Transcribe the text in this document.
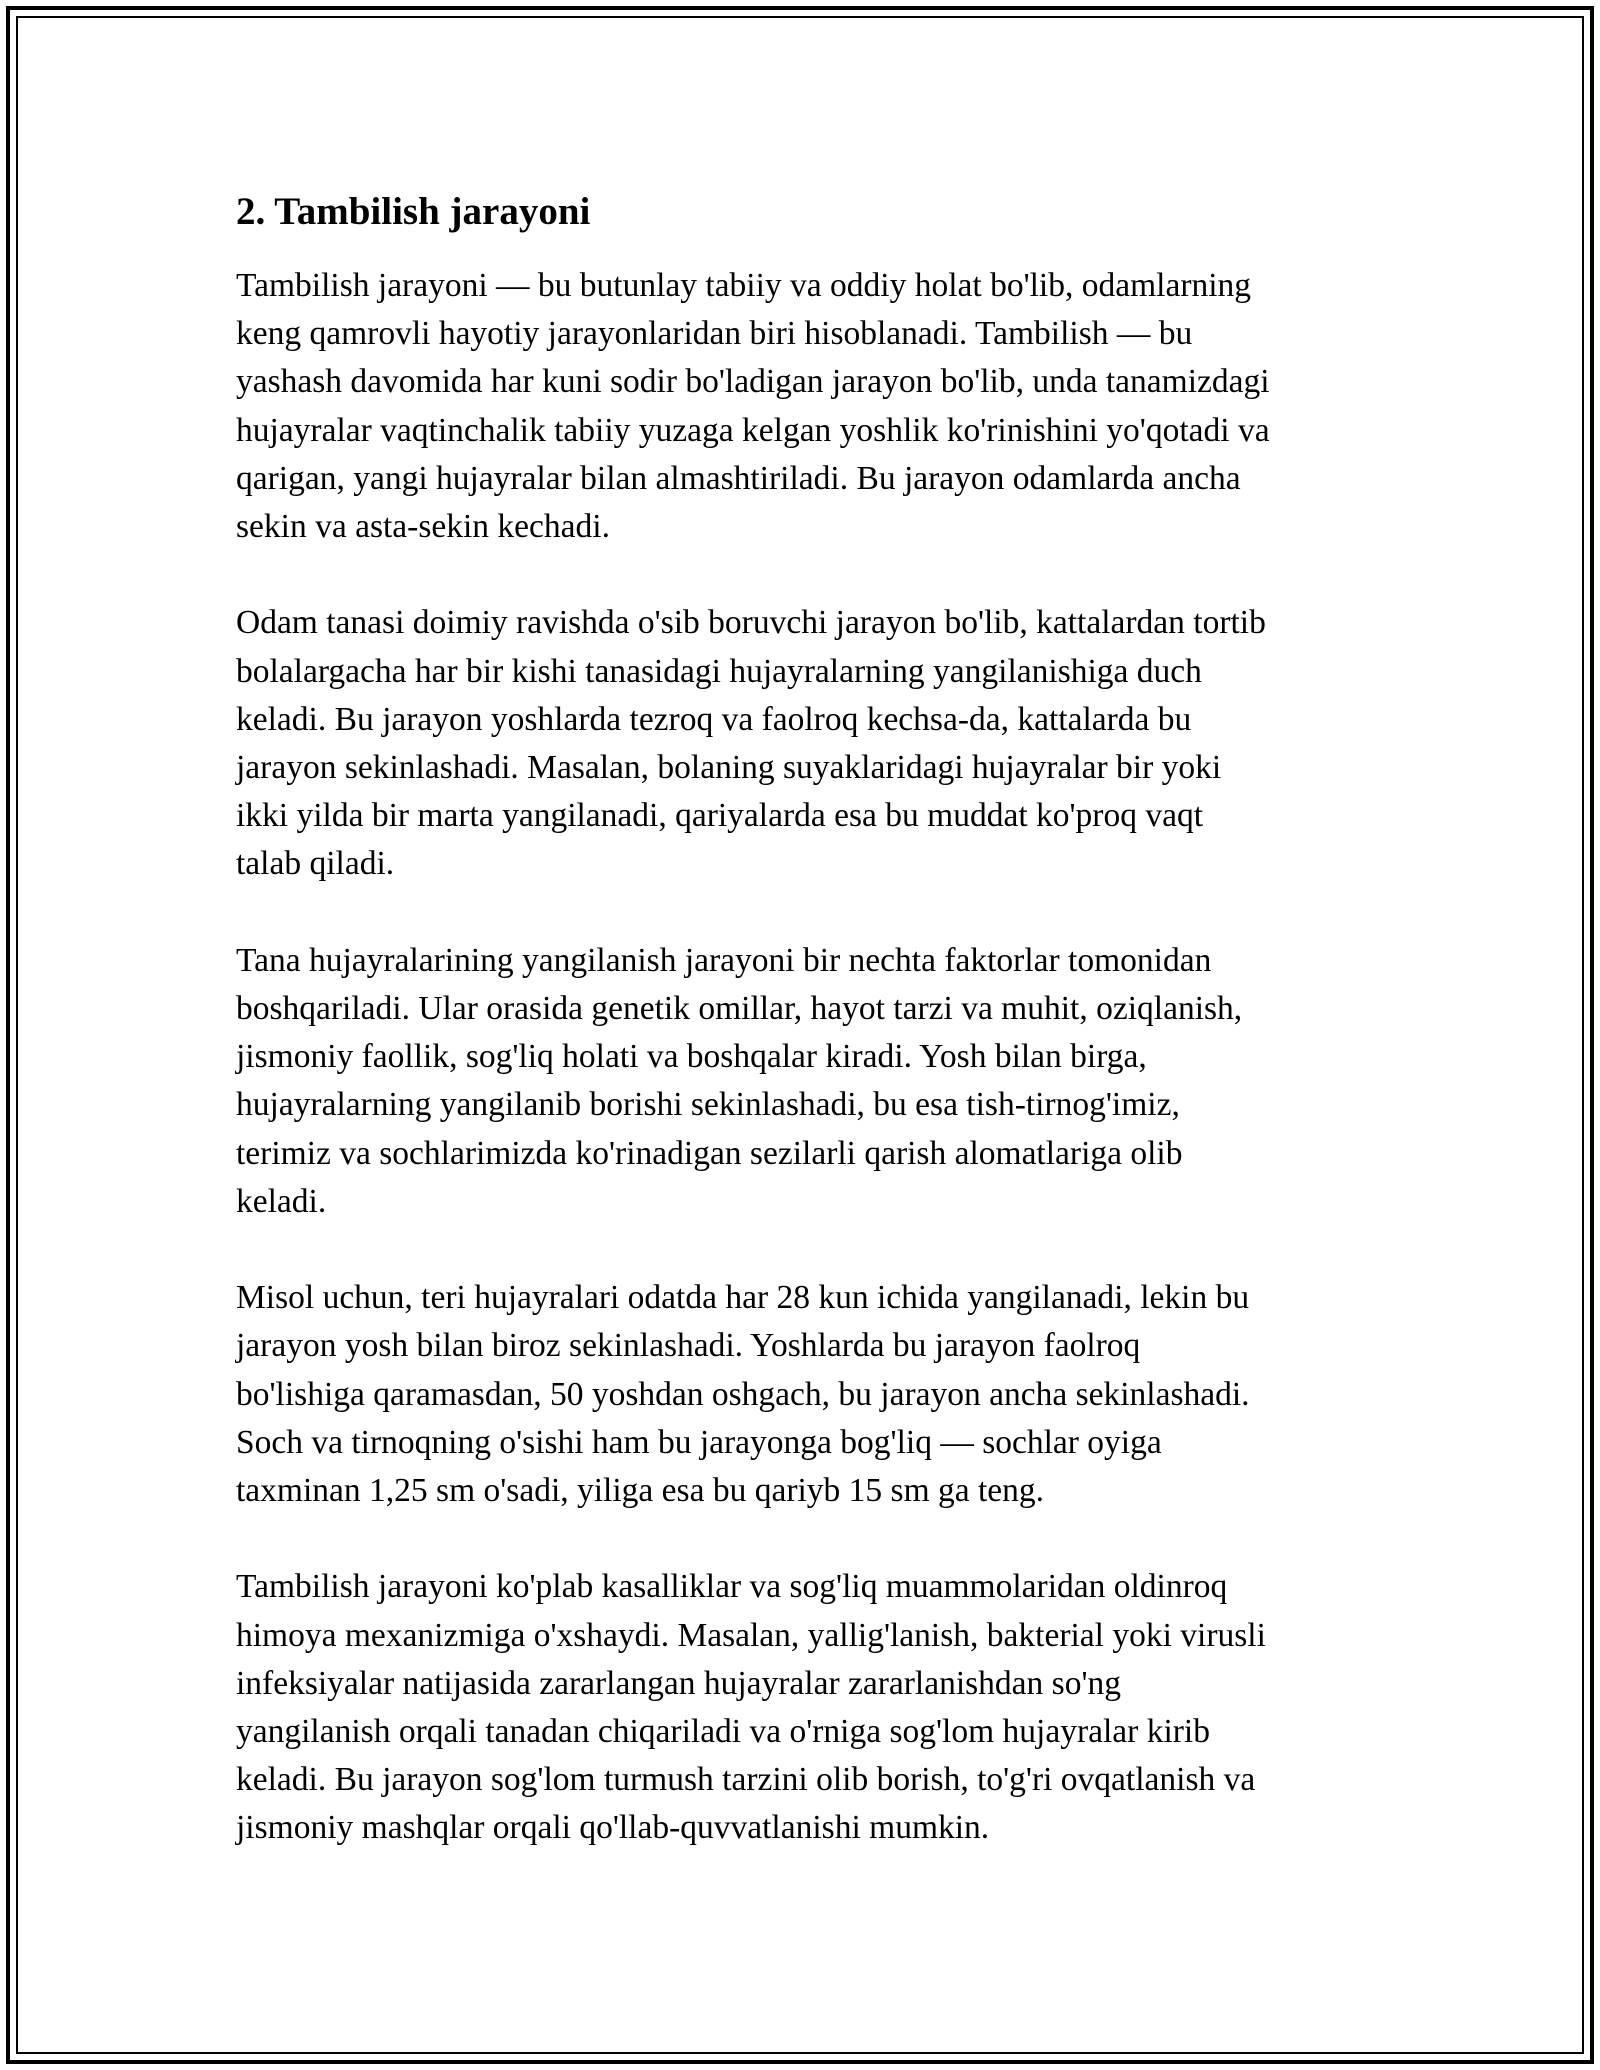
2. Tambilish jarayoni

Tambilish jarayoni — bu butunlay tabiiy va oddiy holat bo'lib, odamlarning
keng qamrovli hayotiy jarayonlaridan biri hisoblanadi. Tambilish — bu
yashash davomida har kuni sodir bo'ladigan jarayon bo'lib, unda tanamizdagi
hujayralar vaqtinchalik tabiiy yuzaga kelgan yoshlik ko'rinishini yo'qotadi va
qarigan, yangi hujayralar bilan almashtiriladi. Bu jarayon odamlarda ancha
sekin va asta-sekin kechadi.

Odam tanasi doimiy ravishda o'sib boruvchi jarayon bo'lib, kattalardan tortib
bolalargacha har bir kishi tanasidagi hujayralarning yangilanishiga duch
keladi. Bu jarayon yoshlarda tezroq va faolroq kechsa-da, kattalarda bu
jarayon sekinlashadi. Masalan, bolaning suyaklaridagi hujayralar bir yoki
ikki yilda bir marta yangilanadi, qariyalarda esa bu muddat ko'proq vaqt
talab qiladi.

Tana hujayralarining yangilanish jarayoni bir nechta faktorlar tomonidan
boshqariladi. Ular orasida genetik omillar, hayot tarzi va muhit, oziqlanish,
jismoniy faollik, sog'liq holati va boshqalar kiradi. Yosh bilan birga,
hujayralarning yangilanib borishi sekinlashadi, bu esa tish-tirnog'imiz,
terimiz va sochlarimizda ko'rinadigan sezilarli qarish alomatlariga olib
keladi.

Misol uchun, teri hujayralari odatda har 28 kun ichida yangilanadi, lekin bu
jarayon yosh bilan biroz sekinlashadi. Yoshlarda bu jarayon faolroq
bo'lishiga qaramasdan, 50 yoshdan oshgach, bu jarayon ancha sekinlashadi.
Soch va tirnoqning o'sishi ham bu jarayonga bog'liq — sochlar oyiga
taxminan 1,25 sm o'sadi, yiliga esa bu qariyb 15 sm ga teng.

Tambilish jarayoni ko'plab kasalliklar va sog'liq muammolaridan oldinroq
himoya mexanizmiga o'xshaydi. Masalan, yallig'lanish, bakterial yoki virusli
infeksiyalar natijasida zararlangan hujayralar zararlanishdan so'ng
yangilanish orqali tanadan chiqariladi va o'rniga sog'lom hujayralar kirib
keladi. Bu jarayon sog'lom turmush tarzini olib borish, to'g'ri ovqatlanish va
jismoniy mashqlar orqali qo'llab-quvvatlanishi mumkin.
